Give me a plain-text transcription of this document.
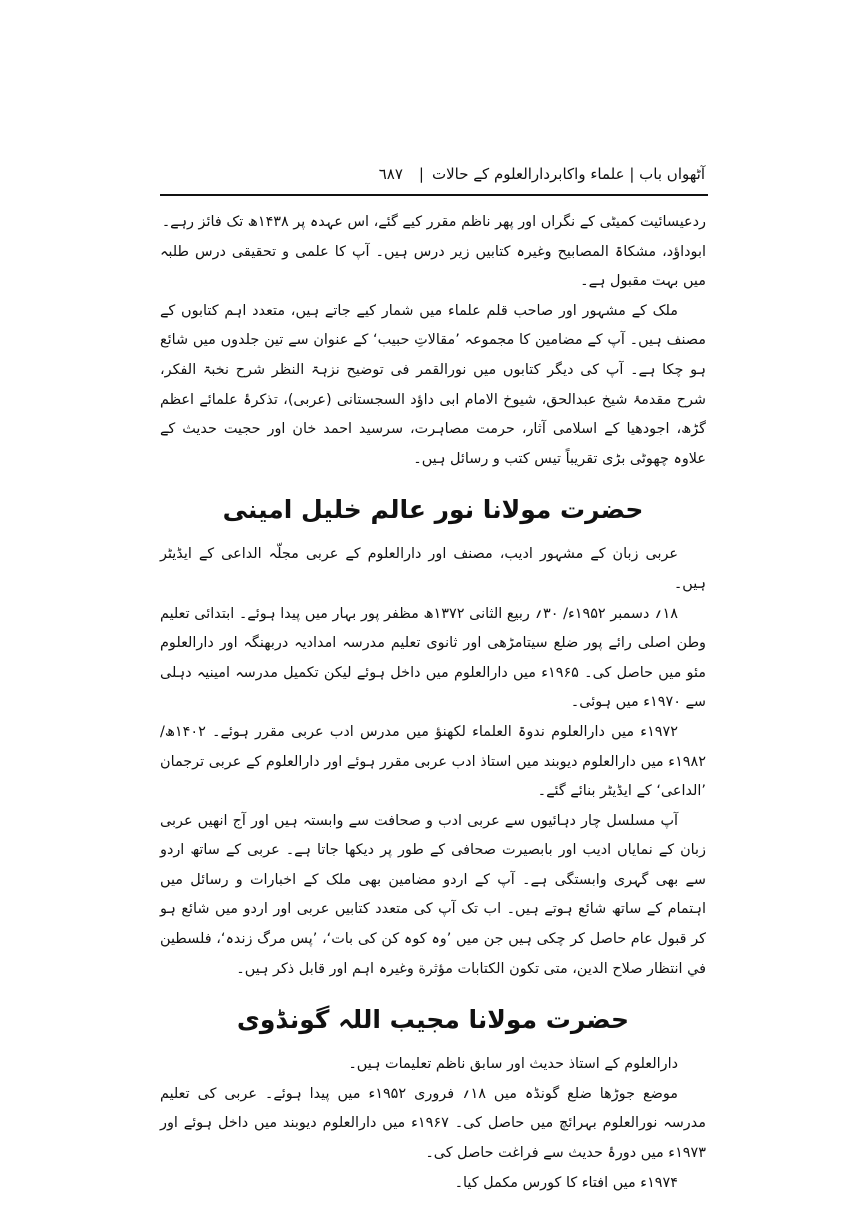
آٹھواں باب | علماء واکابردارالعلوم کے حالات
|
٦٨٧

ردعیسائیت کمیٹی کے نگراں اور پھر ناظم مقرر کیے گئے، اس عہدہ پر ۱۴۳۸ھ تک فائز رہے۔

ابوداؤد، مشکاۃ المصابیح وغیرہ کتابیں زیر درس ہیں۔ آپ کا علمی و تحقیقی درس طلبہ میں بہت مقبول ہے۔

ملک کے مشہور اور صاحب قلم علماء میں شمار کیے جاتے ہیں، متعدد اہم کتابوں کے مصنف ہیں۔ آپ کے مضامین کا مجموعہ ’مقالاتِ حبیب‘ کے عنوان سے تین جلدوں میں شائع ہو چکا ہے۔ آپ کی دیگر کتابوں میں نورالقمر فی توضیح نزہۃ النظر شرح نخبۃ الفکر، شرح مقدمۂ شیخ عبدالحق، شیوخ الامام ابی داؤد السجستانی (عربی)، تذکرۂ علمائے اعظم گڑھ، اجودھیا کے اسلامی آثار، حرمت مصاہرت، سرسید احمد خان اور حجیت حدیث کے علاوہ چھوٹی بڑی تقریباً تیس کتب و رسائل ہیں۔

حضرت مولانا نور عالم خلیل امینی

عربی زبان کے مشہور ادیب، مصنف اور دارالعلوم کے عربی مجلّہ الداعی کے ایڈیٹر ہیں۔

۱۸؍ دسمبر ۱۹۵۲ء/ ۳۰؍ ربیع الثانی ۱۳۷۲ھ مظفر پور بہار میں پیدا ہوئے۔ ابتدائی تعلیم وطن اصلی رائے پور ضلع سیتامڑھی اور ثانوی تعلیم مدرسہ امدادیہ دربھنگہ اور دارالعلوم مئو میں حاصل کی۔ ۱۹۶۵ء میں دارالعلوم میں داخل ہوئے لیکن تکمیل مدرسہ امینیہ دہلی سے ۱۹۷۰ء میں ہوئی۔

۱۹۷۲ء میں دارالعلوم ندوۃ العلماء لکھنؤ میں مدرس ادب عربی مقرر ہوئے۔ ۱۴۰۲ھ/۱۹۸۲ء میں دارالعلوم دیوبند میں استاذ ادب عربی مقرر ہوئے اور دارالعلوم کے عربی ترجمان ’الداعی‘ کے ایڈیٹر بنائے گئے۔

آپ مسلسل چار دہائیوں سے عربی ادب و صحافت سے وابستہ ہیں اور آج انھیں عربی زبان کے نمایاں ادیب اور بابصیرت صحافی کے طور پر دیکھا جاتا ہے۔ عربی کے ساتھ اردو سے بھی گہری وابستگی ہے۔ آپ کے اردو مضامین بھی ملک کے اخبارات و رسائل میں اہتمام کے ساتھ شائع ہوتے ہیں۔ اب تک آپ کی متعدد کتابیں عربی اور اردو میں شائع ہو کر قبول عام حاصل کر چکی ہیں جن میں ’وہ کوہ کن کی بات‘، ’پس مرگ زندہ‘، فلسطين في انتظار صلاح الدين، متى تكون الكتابات مؤثرة وغیرہ اہم اور قابل ذکر ہیں۔

حضرت مولانا مجیب اللہ گونڈوی

دارالعلوم کے استاذ حدیث اور سابق ناظم تعلیمات ہیں۔

موضع جوڑھا ضلع گونڈہ میں ۱۸؍ فروری ۱۹۵۲ء میں پیدا ہوئے۔ عربی کی تعلیم مدرسہ نورالعلوم بہرائچ میں حاصل کی۔ ۱۹۶۷ء میں دارالعلوم دیوبند میں داخل ہوئے اور ۱۹۷۳ء میں دورۂ حدیث سے فراغت حاصل کی۔

۱۹۷۴ء میں افتاء کا کورس مکمل کیا۔
